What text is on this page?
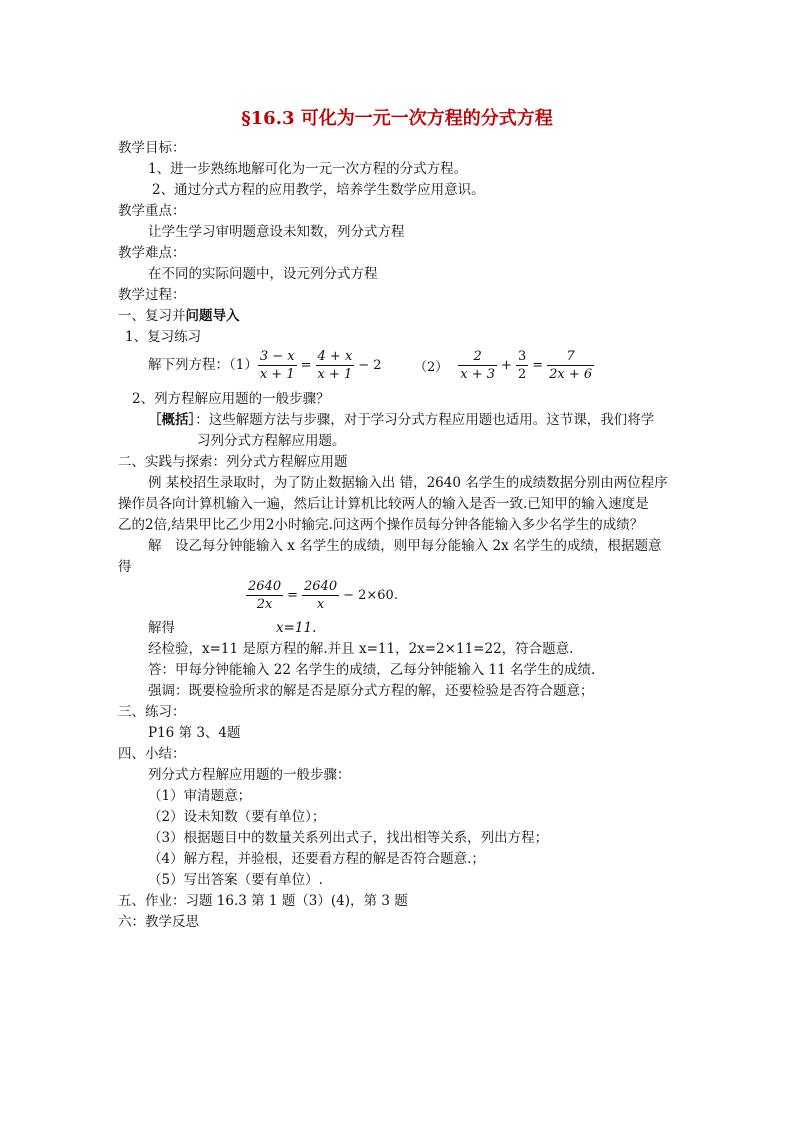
§16.3 可化为一元一次方程的分式方程
教学目标：
1、进一步熟练地解可化为一元一次方程的分式方程。
2、通过分式方程的应用教学，培养学生数学应用意识。
教学重点：
让学生学习审明题意设未知数，列分式方程
教学难点：
在不同的实际问题中，设元列分式方程
教学过程：
一、复习并问题导入
1、复习练习
解下列方程：$(1) \frac{3 - x}{x + 1} = \frac{4 + x}{x + 1} - 2$	$(2) \frac{2}{x + 3} + \frac{3}{2} = \frac{7}{2x + 6}$
2、列方程解应用题的一般步骤？
［概括］：这些解题方法与步骤，对于学习分式方程应用题也适用。这节课，我们将学
习列分式方程解应用题。
二、实践与探索：列分式方程解应用题
例 某校招生录取时，为了防止数据输入出 错，2640 名学生的成绩数据分别由两位程序
操作员各向计算机输入一遍，然后让计算机比较两人的输入是否一致.已知甲的输入速度是
乙的2倍,结果甲比乙少用2小时输完.问这两个操作员每分钟各能输入多少名学生的成绩？
解　设乙每分钟能输入 x 名学生的成绩，则甲每分能输入 2x 名学生的成绩，根据题意
得
$\frac{2640}{2x} = \frac{2640}{x} - 2\times 60$.
解得	x=11.
经检验，x=11 是原方程的解.并且 x=11，2x=2×11=22，符合题意.
答：甲每分钟能输入 22 名学生的成绩，乙每分钟能输入 11 名学生的成绩.
强调：既要检验所求的解是否是原分式方程的解，还要检验是否符合题意；
三、练习：
P16 第 3、4题
四、小结：
列分式方程解应用题的一般步骤：
（1）审清题意；
（2）设未知数（要有单位）；
（3）根据题目中的数量关系列出式子，找出相等关系，列出方程；
（4）解方程，并验根，还要看方程的解是否符合题意.；
（5）写出答案（要有单位）.
五、作业：习题 16.3 第 1 题（3）(4)，第 3 题
六：教学反思
